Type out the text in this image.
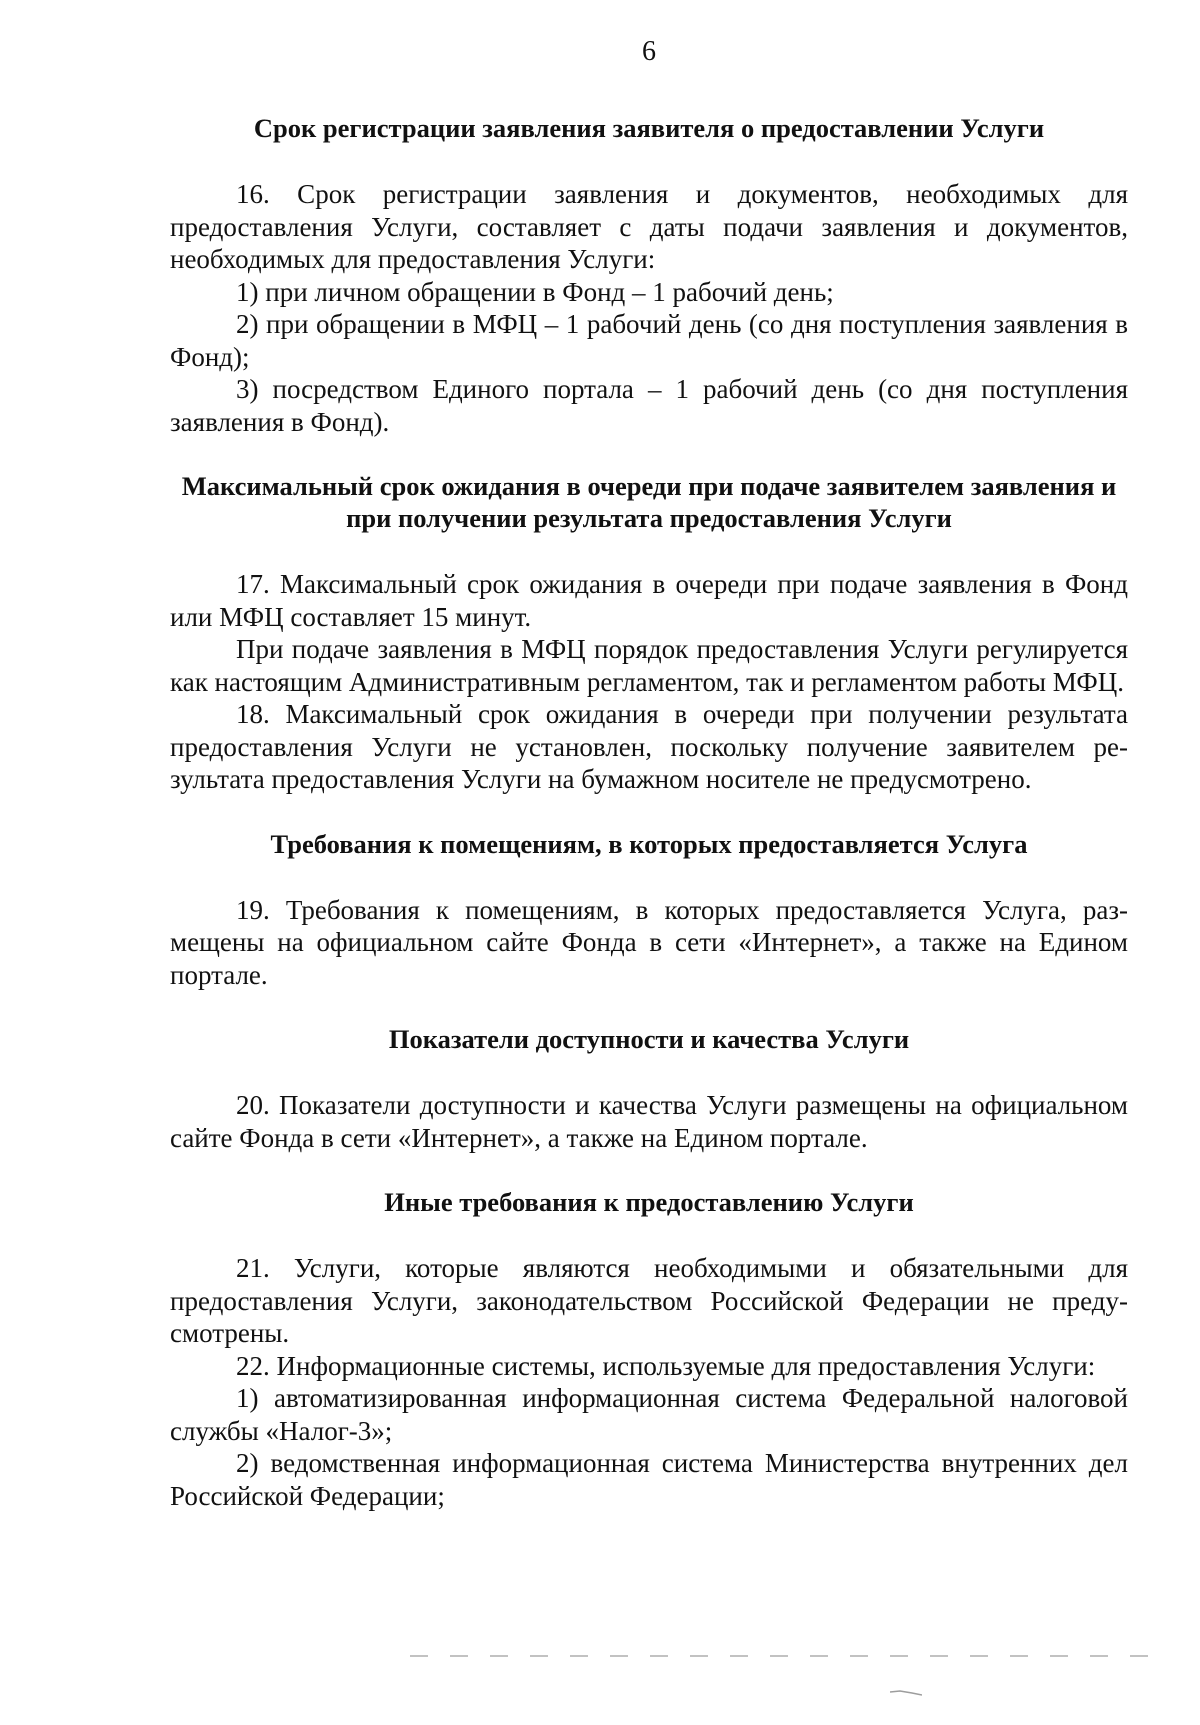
6
Срок регистрации заявления заявителя о предоставлении Услуги

16. Срок регистрации заявления и документов, необходимых для предоставления Услуги, составляет с даты подачи заявления и документов, необходимых для предоставления Услуги:

1) при личном обращении в Фонд – 1 рабочий день;

2) при обращении в МФЦ – 1 рабочий день (со дня поступления заявления в Фонд);

3) посредством Единого портала – 1 рабочий день (со дня поступления заявления в Фонд).

Максимальный срок ожидания в очереди при подаче заявителем заявления и при получении результата предоставления Услуги

17. Максимальный срок ожидания в очереди при подаче заявления в Фонд или МФЦ составляет 15 минут.

При подаче заявления в МФЦ порядок предоставления Услуги регулируется как настоящим Административным регламентом, так и регламентом работы МФЦ.

18. Максимальный срок ожидания в очереди при получении результата предоставления Услуги не установлен, поскольку получение заявителем результата предоставления Услуги на бумажном носителе не предусмотрено.

Требования к помещениям, в которых предоставляется Услуга

19. Требования к помещениям, в которых предоставляется Услуга, размещены на официальном сайте Фонда в сети «Интернет», а также на Едином портале.

Показатели доступности и качества Услуги

20. Показатели доступности и качества Услуги размещены на официальном сайте Фонда в сети «Интернет», а также на Едином портале.

Иные требования к предоставлению Услуги

21. Услуги, которые являются необходимыми и обязательными для предоставления Услуги, законодательством Российской Федерации не предусмотрены.

22. Информационные системы, используемые для предоставления Услуги:

1) автоматизированная информационная система Федеральной налоговой службы «Налог-3»;

2) ведомственная информационная система Министерства внутренних дел Российской Федерации;
